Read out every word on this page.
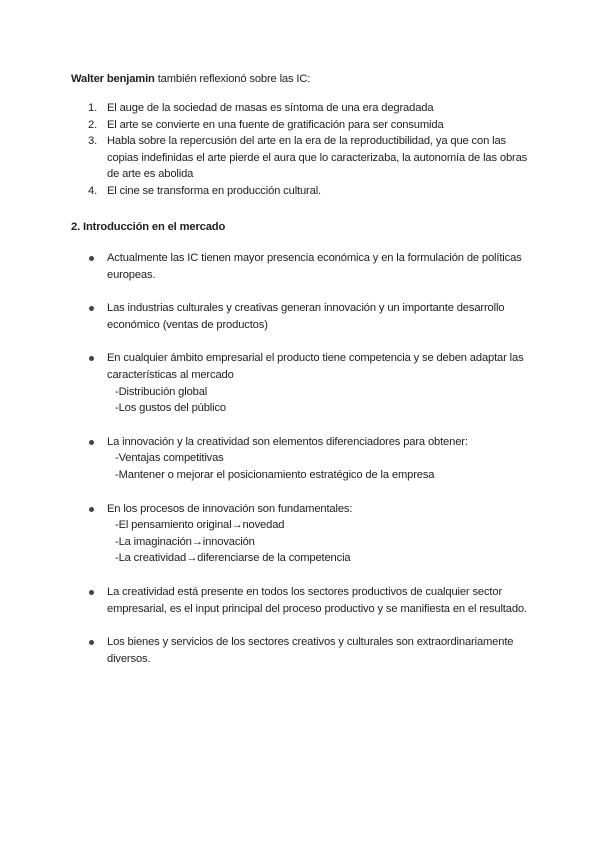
Walter benjamin también reflexionó sobre las IC:
1. El auge de la sociedad de masas es síntoma de una era degradada
2. El arte se convierte en una fuente de gratificación para ser consumida
3. Habla sobre la repercusión del arte en la era de la reproductibilidad, ya que con las copias indefinidas el arte pierde el aura que lo caracterizaba, la autonomía de las obras de arte es abolida
4. El cine se transforma en producción cultural.
2. Introducción en el mercado
Actualmente las IC tienen mayor presencia económica y en la formulación de políticas europeas.
Las industrias culturales y creativas generan innovación y un importante desarrollo económico (ventas de productos)
En cualquier ámbito empresarial el producto tiene competencia y se deben adaptar las características al mercado
-Distribución global
-Los gustos del público
La innovación y la creatividad son elementos diferenciadores para obtener:
-Ventajas competitivas
-Mantener o mejorar el posicionamiento estratégico de la empresa
En los procesos de innovación son fundamentales:
-El pensamiento original→novedad
-La imaginación→innovación
-La creatividad→diferenciarse de la competencia
La creatividad está presente en todos los sectores productivos de cualquier sector empresarial, es el input principal del proceso productivo y se manifiesta en el resultado.
Los bienes y servicios de los sectores creativos y culturales son extraordinariamente diversos.
